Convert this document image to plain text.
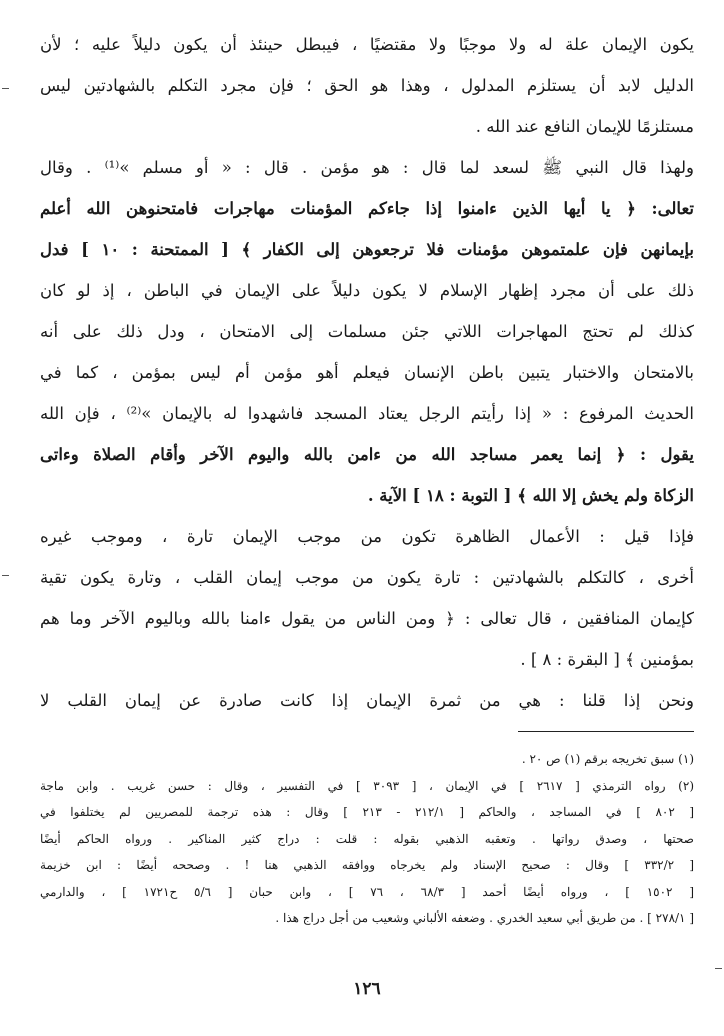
يكون الإيمان علة له ولا موجبًا ولا مقتضيًا ، فيبطل حينئذ أن يكون دليلاً عليه ؛ لأن
الدليل لابد أن يستلزم المدلول ، وهذا هو الحق ؛ فإن مجرد التكلم بالشهادتين ليس
مستلزمًا للإيمان النافع عند الله .
ولهذا قال النبي ﷺ لسعد لما قال : هو مؤمن . قال : « أو مسلم »⁽¹⁾ . وقال
تعالى: ﴿ يا أيها الذين ءامنوا إذا جاءكم المؤمنات مهاجرات فامتحنوهن الله أعلم
بإيمانهن فإن علمتموهن مؤمنات فلا ترجعوهن إلى الكفار ﴾ [ الممتحنة : ١٠ ] فدل
ذلك على أن مجرد إظهار الإسلام لا يكون دليلاً على الإيمان في الباطن ، إذ لو كان
كذلك لم تحتج المهاجرات اللاتي جئن مسلمات إلى الامتحان ، ودل ذلك على أنه
بالامتحان والاختبار يتبين باطن الإنسان فيعلم أهو مؤمن أم ليس بمؤمن ، كما في
الحديث المرفوع : « إذا رأيتم الرجل يعتاد المسجد فاشهدوا له بالإيمان »⁽²⁾ ، فإن الله
يقول : ﴿ إنما يعمر مساجد الله من ءامن بالله واليوم الآخر وأقام الصلاة وءاتى
الزكاة ولم يخش إلا الله ﴾ [ التوبة : ١٨ ] الآية .
فإذا قيل : الأعمال الظاهرة تكون من موجب الإيمان تارة ، وموجب غيره
أخرى ، كالتكلم بالشهادتين : تارة يكون من موجب إيمان القلب ، وتارة يكون تقية
كإيمان المنافقين ، قال تعالى : ﴿ ومن الناس من يقول ءامنا بالله وباليوم الآخر وما هم
بمؤمنين ﴾ [ البقرة : ٨ ] .
ونحن إذا قلنا : هي من ثمرة الإيمان إذا كانت صادرة عن إيمان القلب لا
(١) سبق تخريجه برقم (١) ص ٢٠ .
(٢) رواه الترمذي [ ٢٦١٧ ] في الإيمان ، [ ٣٠٩٣ ] في التفسير ، وقال : حسن غريب . وابن ماجة
[ ٨٠٢ ] في المساجد ، والحاكم [ ٢١٢/١ - ٢١٣ ] وقال : هذه ترجمة للمصريين لم يختلفوا في
صحتها ، وصدق رواتها . وتعقبه الذهبي بقوله : قلت : دراج كثير المناكير . ورواه الحاكم أيضًا
[ ٣٣٢/٢ ] وقال : صحيح الإسناد ولم يخرجاه ووافقه الذهبي هنا ! . وصححه أيضًا : ابن خزيمة
[ ١٥٠٢ ] ، ورواه أيضًا أحمد [ ٦٨/٣ ، ٧٦ ] ، وابن حبان [ ٥/٦ ح١٧٢١ ] ، والدارمي
[ ٢٧٨/١ ] . من طريق أبي سعيد الخدري . وضعفه الألباني وشعيب من أجل دراج هذا .
١٢٦
